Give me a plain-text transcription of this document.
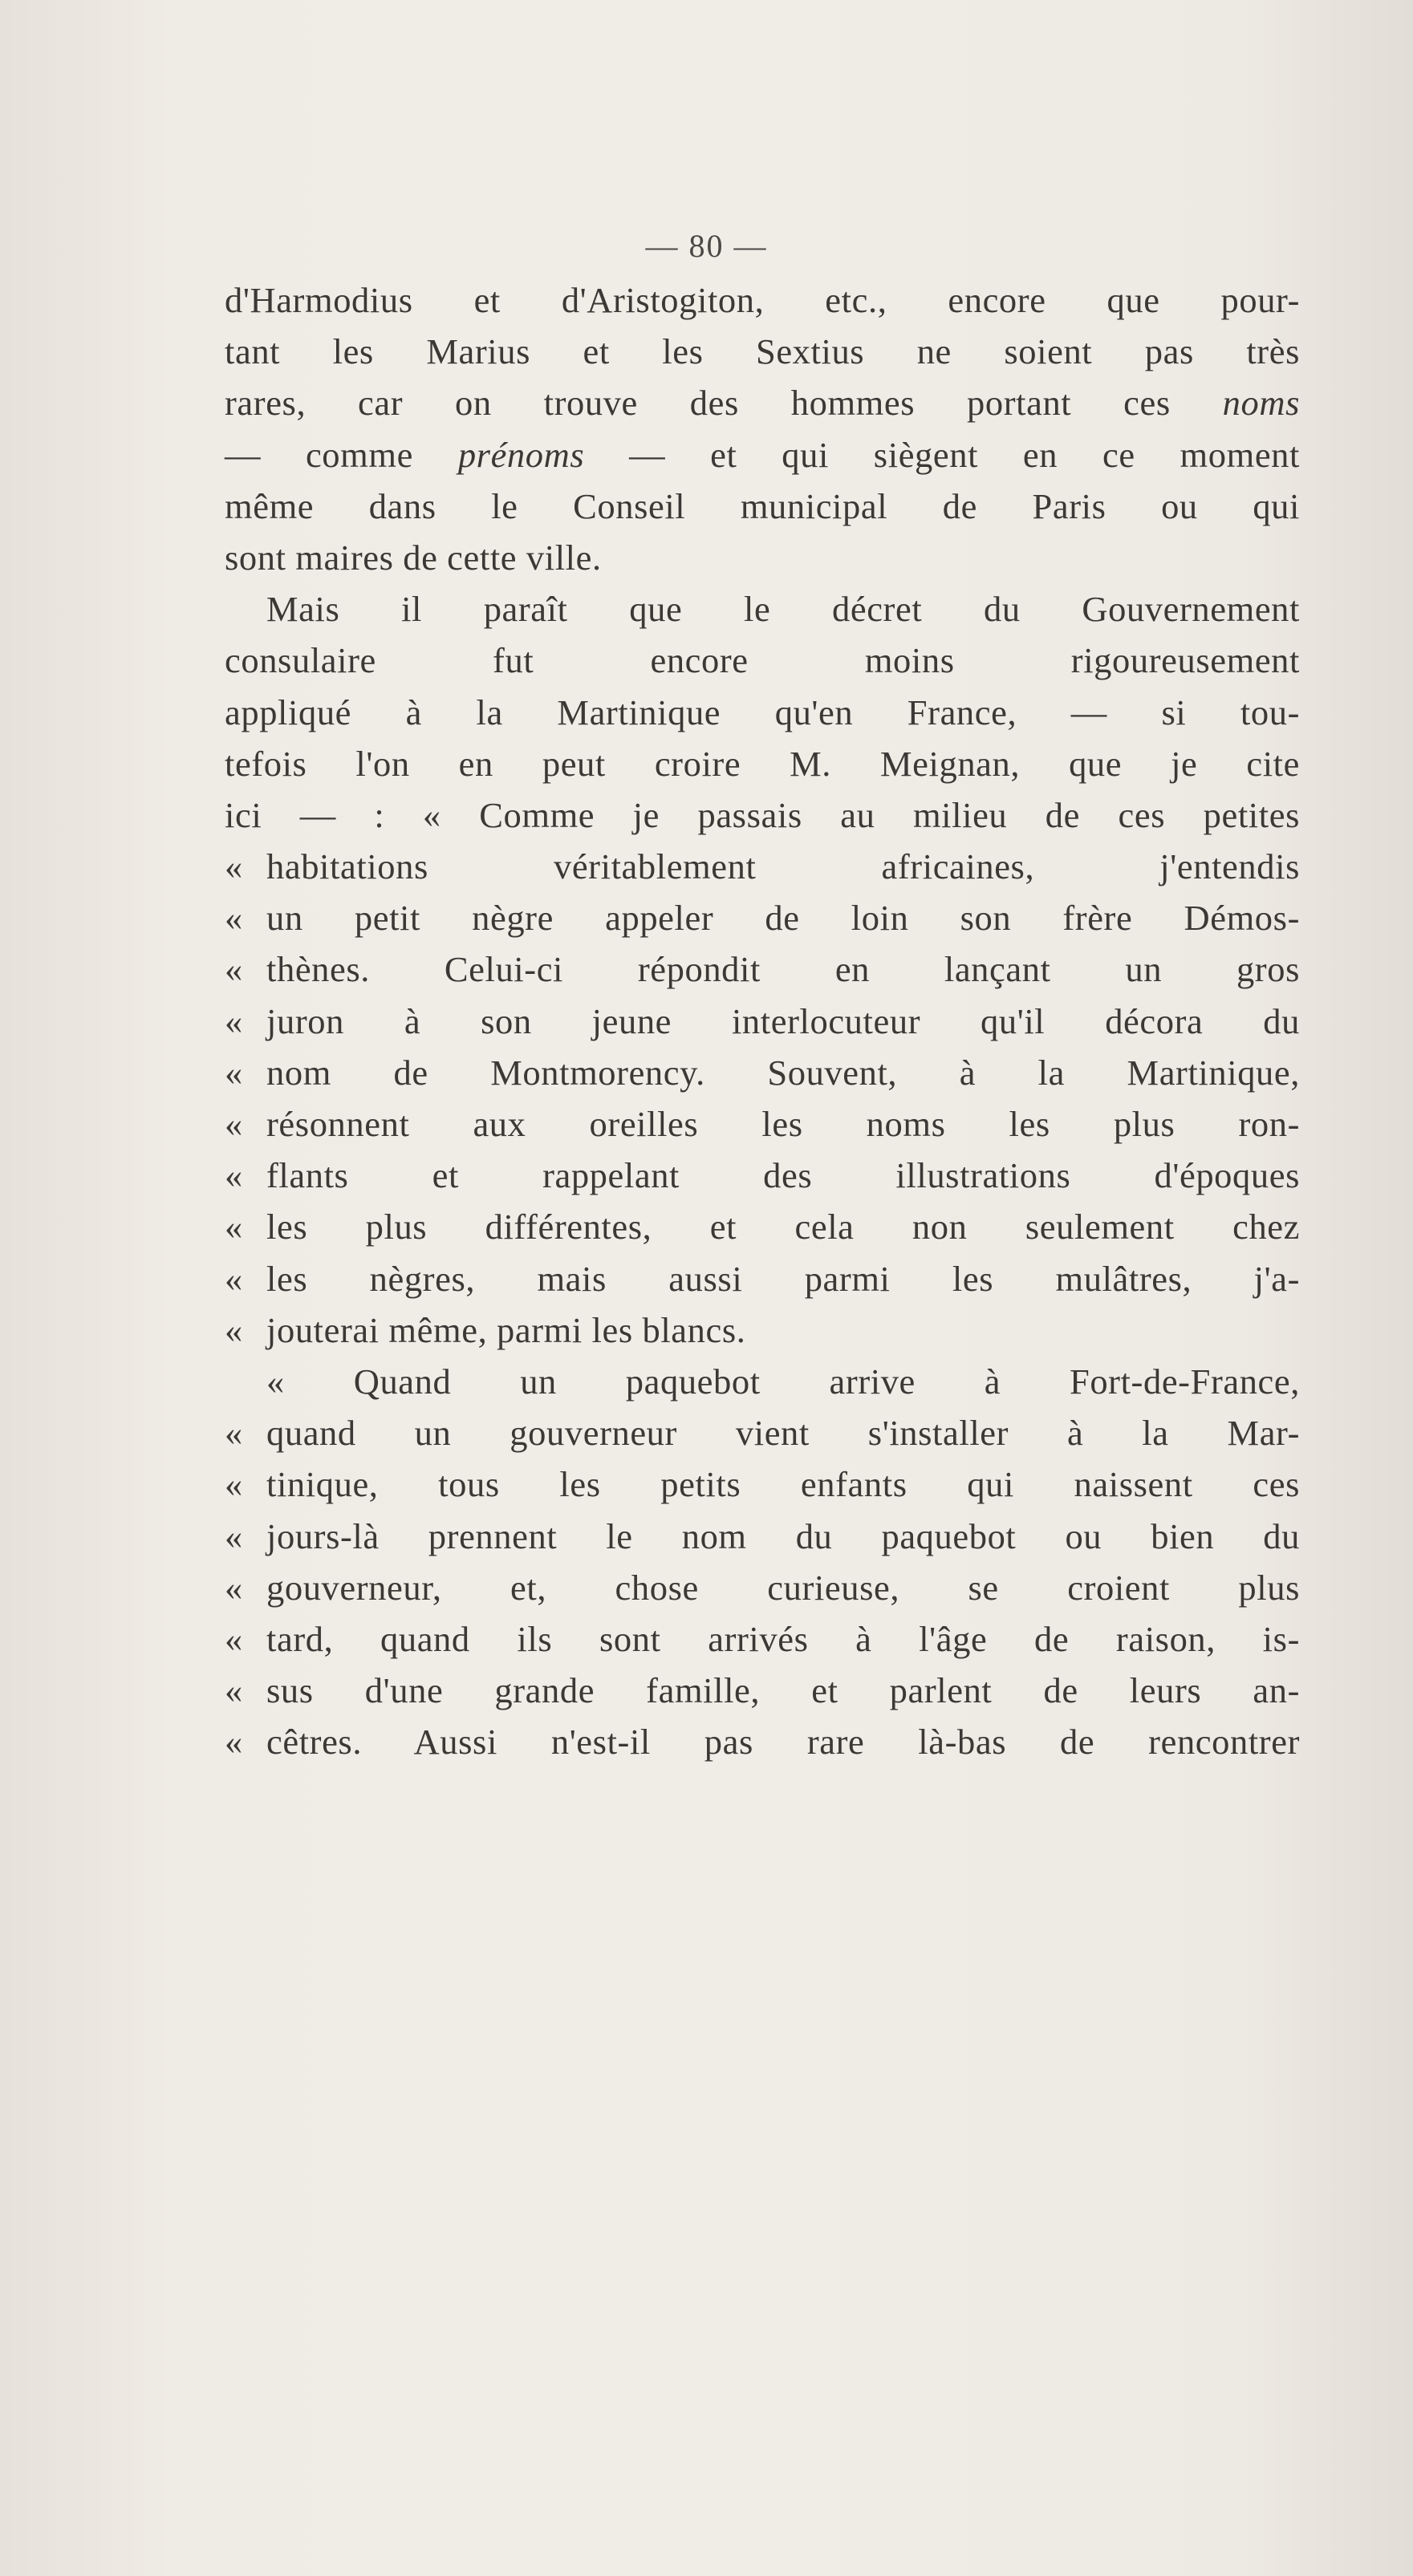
— 80 —
d'Harmodius et d'Aristogiton, etc., encore que pour-
tant les Marius et les Sextius ne soient pas très
rares, car on trouve des hommes portant ces noms
— comme prénoms — et qui siègent en ce moment
même dans le Conseil municipal de Paris ou qui
sont maires de cette ville.
Mais il paraît que le décret du Gouvernement
consulaire fut encore moins rigoureusement
appliqué à la Martinique qu'en France, — si tou-
tefois l'on en peut croire M. Meignan, que je cite
ici — : « Comme je passais au milieu de ces petites
« habitations véritablement africaines, j'entendis
« un petit nègre appeler de loin son frère Démos-
« thènes. Celui-ci répondit en lançant un gros
« juron à son jeune interlocuteur qu'il décora du
« nom de Montmorency. Souvent, à la Martinique,
« résonnent aux oreilles les noms les plus ron-
« flants et rappelant des illustrations d'époques
« les plus différentes, et cela non seulement chez
« les nègres, mais aussi parmi les mulâtres, j'a-
« jouterai même, parmi les blancs.
« Quand un paquebot arrive à Fort-de-France,
« quand un gouverneur vient s'installer à la Mar-
« tinique, tous les petits enfants qui naissent ces
« jours-là prennent le nom du paquebot ou bien du
« gouverneur, et, chose curieuse, se croient plus
« tard, quand ils sont arrivés à l'âge de raison, is-
« sus d'une grande famille, et parlent de leurs an-
« cêtres. Aussi n'est-il pas rare là-bas de rencontrer
